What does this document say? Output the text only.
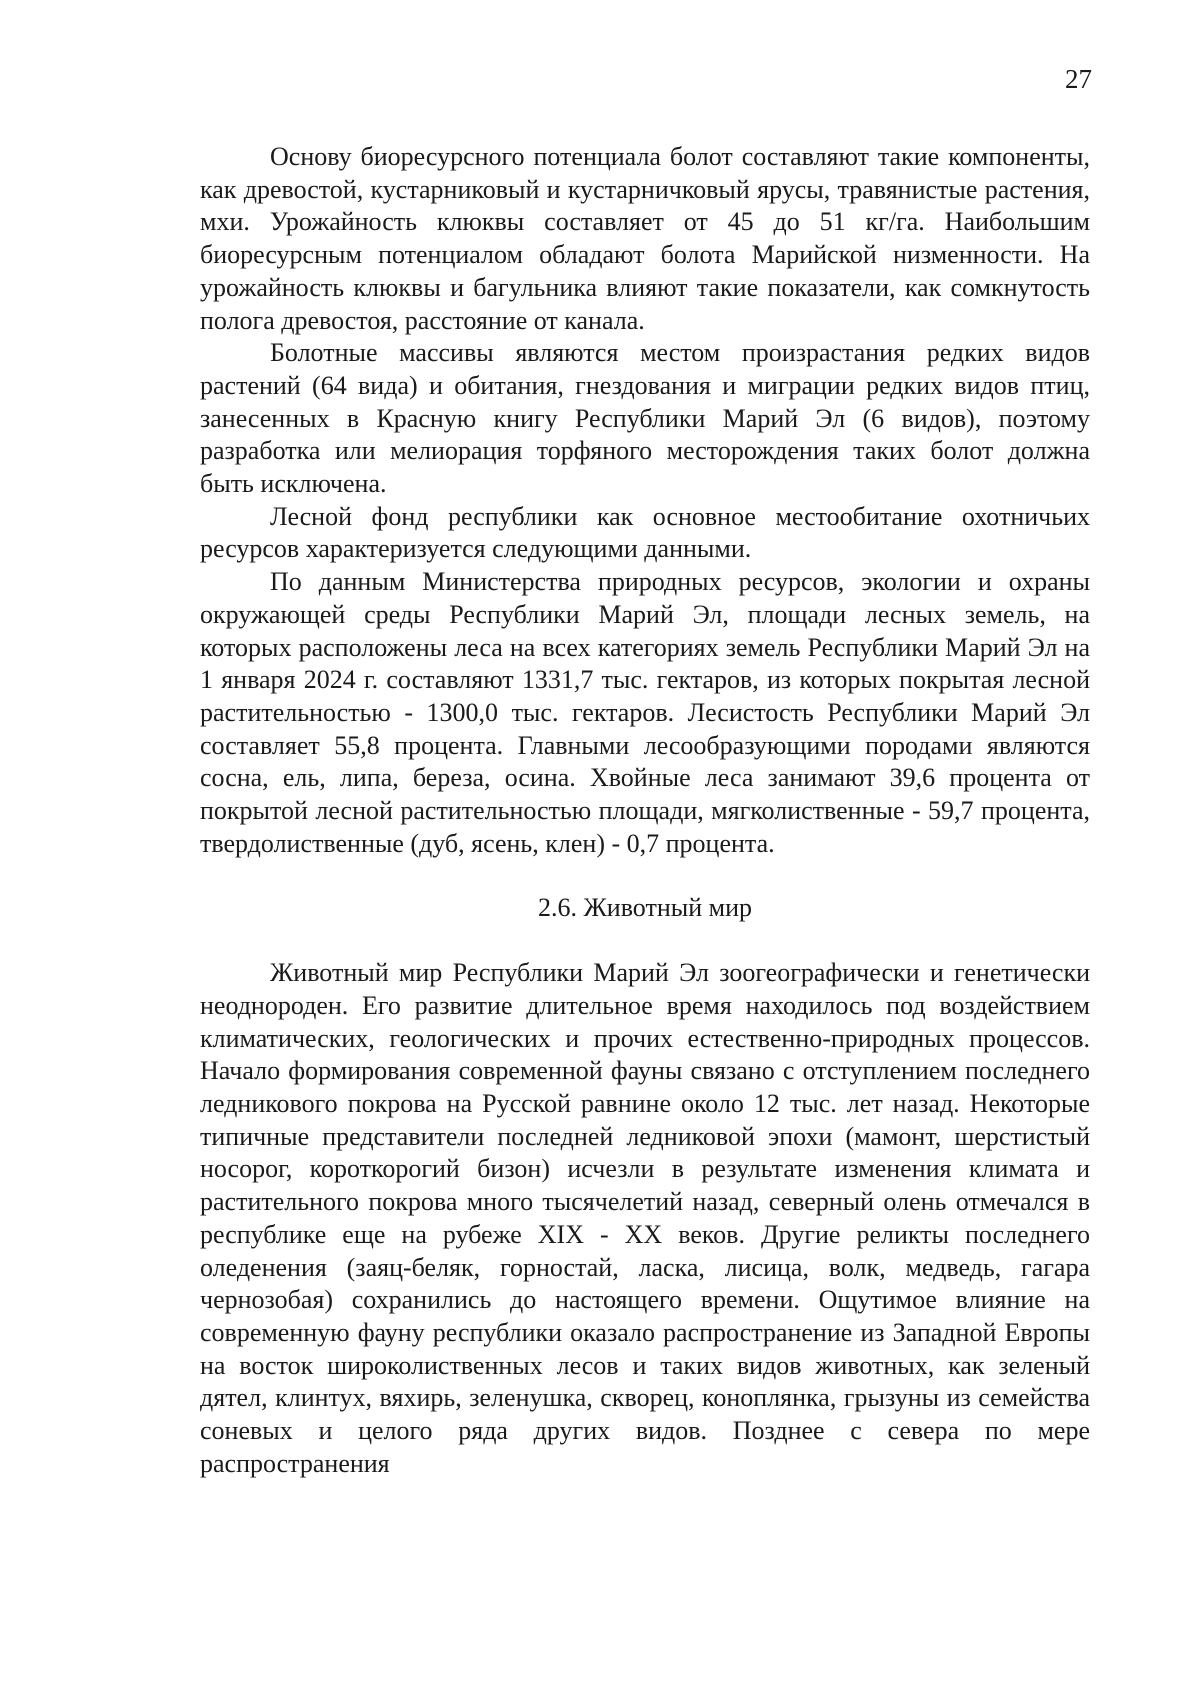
27

Основу биоресурсного потенциала болот составляют такие компоненты, как древостой, кустарниковый и кустарничковый ярусы, травянистые растения, мхи. Урожайность клюквы составляет от 45 до 51 кг/га. Наибольшим биоресурсным потенциалом обладают болота Марийской низменности. На урожайность клюквы и багульника влияют такие показатели, как сомкнутость полога древостоя, расстояние от канала.

Болотные массивы являются местом произрастания редких видов растений (64 вида) и обитания, гнездования и миграции редких видов птиц, занесенных в Красную книгу Республики Марий Эл (6 видов), поэтому разработка или мелиорация торфяного месторождения таких болот должна быть исключена.

Лесной фонд республики как основное местообитание охотничьих ресурсов характеризуется следующими данными.

По данным Министерства природных ресурсов, экологии и охраны окружающей среды Республики Марий Эл, площади лесных земель, на которых расположены леса на всех категориях земель Республики Марий Эл на 1 января 2024 г. составляют 1331,7 тыс. гектаров, из которых покрытая лесной растительностью - 1300,0 тыс. гектаров. Лесистость Республики Марий Эл составляет 55,8 процента. Главными лесообразующими породами являются сосна, ель, липа, береза, осина. Хвойные леса занимают 39,6 процента от покрытой лесной растительностью площади, мягколиственные - 59,7 процента, твердолиственные (дуб, ясень, клен) - 0,7 процента.

2.6. Животный мир

Животный мир Республики Марий Эл зоогеографически и генетически неоднороден. Его развитие длительное время находилось под воздействием климатических, геологических и прочих естественно-природных процессов. Начало формирования современной фауны связано с отступлением последнего ледникового покрова на Русской равнине около 12 тыс. лет назад. Некоторые типичные представители последней ледниковой эпохи (мамонт, шерстистый носорог, короткорогий бизон) исчезли в результате изменения климата и растительного покрова много тысячелетий назад, северный олень отмечался в республике еще на рубеже XIX - XX веков. Другие реликты последнего оледенения (заяц-беляк, горностай, ласка, лисица, волк, медведь, гагара чернозобая) сохранились до настоящего времени. Ощутимое влияние на современную фауну республики оказало распространение из Западной Европы на восток широколиственных лесов и таких видов животных, как зеленый дятел, клинтух, вяхирь, зеленушка, скворец, коноплянка, грызуны из семейства соневых и целого ряда других видов. Позднее с севера по мере распространения
